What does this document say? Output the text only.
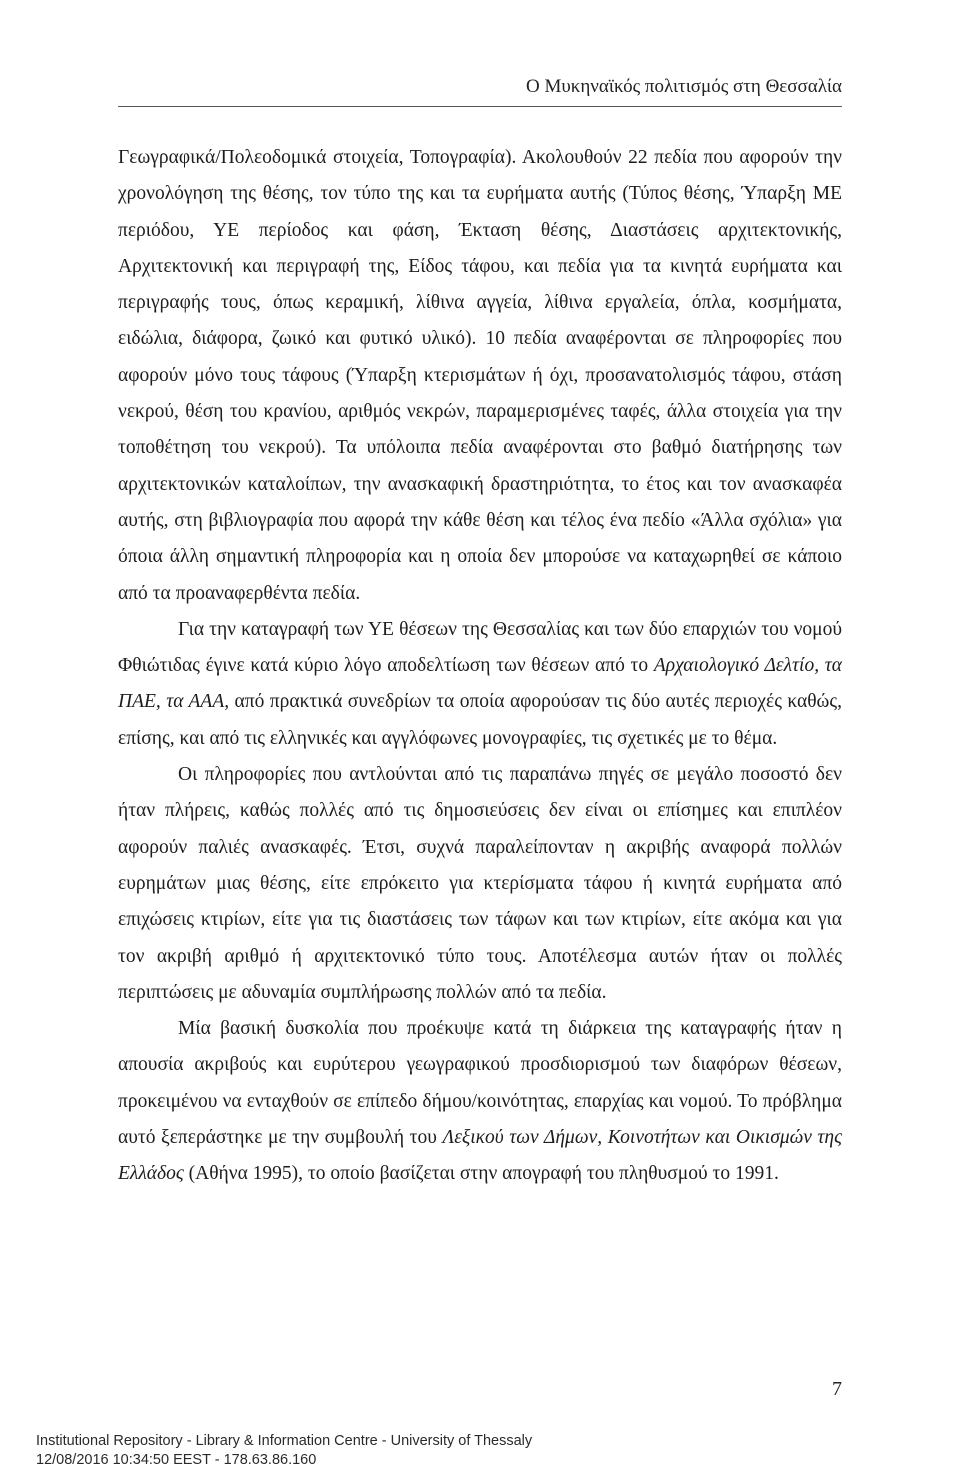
Ο Μυκηναϊκός πολιτισμός στη Θεσσαλία

Γεωγραφικά/Πολεοδομικά στοιχεία, Τοπογραφία). Ακολουθούν 22 πεδία που αφορούν την χρονολόγηση της θέσης, τον τύπο της και τα ευρήματα αυτής (Τύπος θέσης, Ύπαρξη ΜΕ περιόδου, ΥΕ περίοδος και φάση, Έκταση θέσης, Διαστάσεις αρχιτεκτονικής, Αρχιτεκτονική και περιγραφή της, Είδος τάφου, και πεδία για τα κινητά ευρήματα και περιγραφής τους, όπως κεραμική, λίθινα αγγεία, λίθινα εργαλεία, όπλα, κοσμήματα, ειδώλια, διάφορα, ζωικό και φυτικό υλικό). 10 πεδία αναφέρονται σε πληροφορίες που αφορούν μόνο τους τάφους (Ύπαρξη κτερισμάτων ή όχι, προσανατολισμός τάφου, στάση νεκρού, θέση του κρανίου, αριθμός νεκρών, παραμερισμένες ταφές, άλλα στοιχεία για την τοποθέτηση του νεκρού). Τα υπόλοιπα πεδία αναφέρονται στο βαθμό διατήρησης των αρχιτεκτονικών καταλοίπων, την ανασκαφική δραστηριότητα, το έτος και τον ανασκαφέα αυτής, στη βιβλιογραφία που αφορά την κάθε θέση και τέλος ένα πεδίο «Άλλα σχόλια» για όποια άλλη σημαντική πληροφορία και η οποία δεν μπορούσε να καταχωρηθεί σε κάποιο από τα προαναφερθέντα πεδία.

Για την καταγραφή των ΥΕ θέσεων της Θεσσαλίας και των δύο επαρχιών του νομού Φθιώτιδας έγινε κατά κύριο λόγο αποδελτίωση των θέσεων από το Αρχαιολογικό Δελτίο, τα ΠΑΕ, τα ΑΑΑ, από πρακτικά συνεδρίων τα οποία αφορούσαν τις δύο αυτές περιοχές καθώς, επίσης, και από τις ελληνικές και αγγλόφωνες μονογραφίες, τις σχετικές με το θέμα.

Οι πληροφορίες που αντλούνται από τις παραπάνω πηγές σε μεγάλο ποσοστό δεν ήταν πλήρεις, καθώς πολλές από τις δημοσιεύσεις δεν είναι οι επίσημες και επιπλέον αφορούν παλιές ανασκαφές. Έτσι, συχνά παραλείπονταν η ακριβής αναφορά πολλών ευρημάτων μιας θέσης, είτε επρόκειτο για κτερίσματα τάφου ή κινητά ευρήματα από επιχώσεις κτιρίων, είτε για τις διαστάσεις των τάφων και των κτιρίων, είτε ακόμα και για τον ακριβή αριθμό ή αρχιτεκτονικό τύπο τους. Αποτέλεσμα αυτών ήταν οι πολλές περιπτώσεις με αδυναμία συμπλήρωσης πολλών από τα πεδία.

Μία βασική δυσκολία που προέκυψε κατά τη διάρκεια της καταγραφής ήταν η απουσία ακριβούς και ευρύτερου γεωγραφικού προσδιορισμού των διαφόρων θέσεων, προκειμένου να ενταχθούν σε επίπεδο δήμου/κοινότητας, επαρχίας και νομού. Το πρόβλημα αυτό ξεπεράστηκε με την συμβουλή του Λεξικού των Δήμων, Κοινοτήτων και Οικισμών της Ελλάδος (Αθήνα 1995), το οποίο βασίζεται στην απογραφή του πληθυσμού το 1991.

7
Institutional Repository - Library & Information Centre - University of Thessaly
12/08/2016 10:34:50 EEST - 178.63.86.160
